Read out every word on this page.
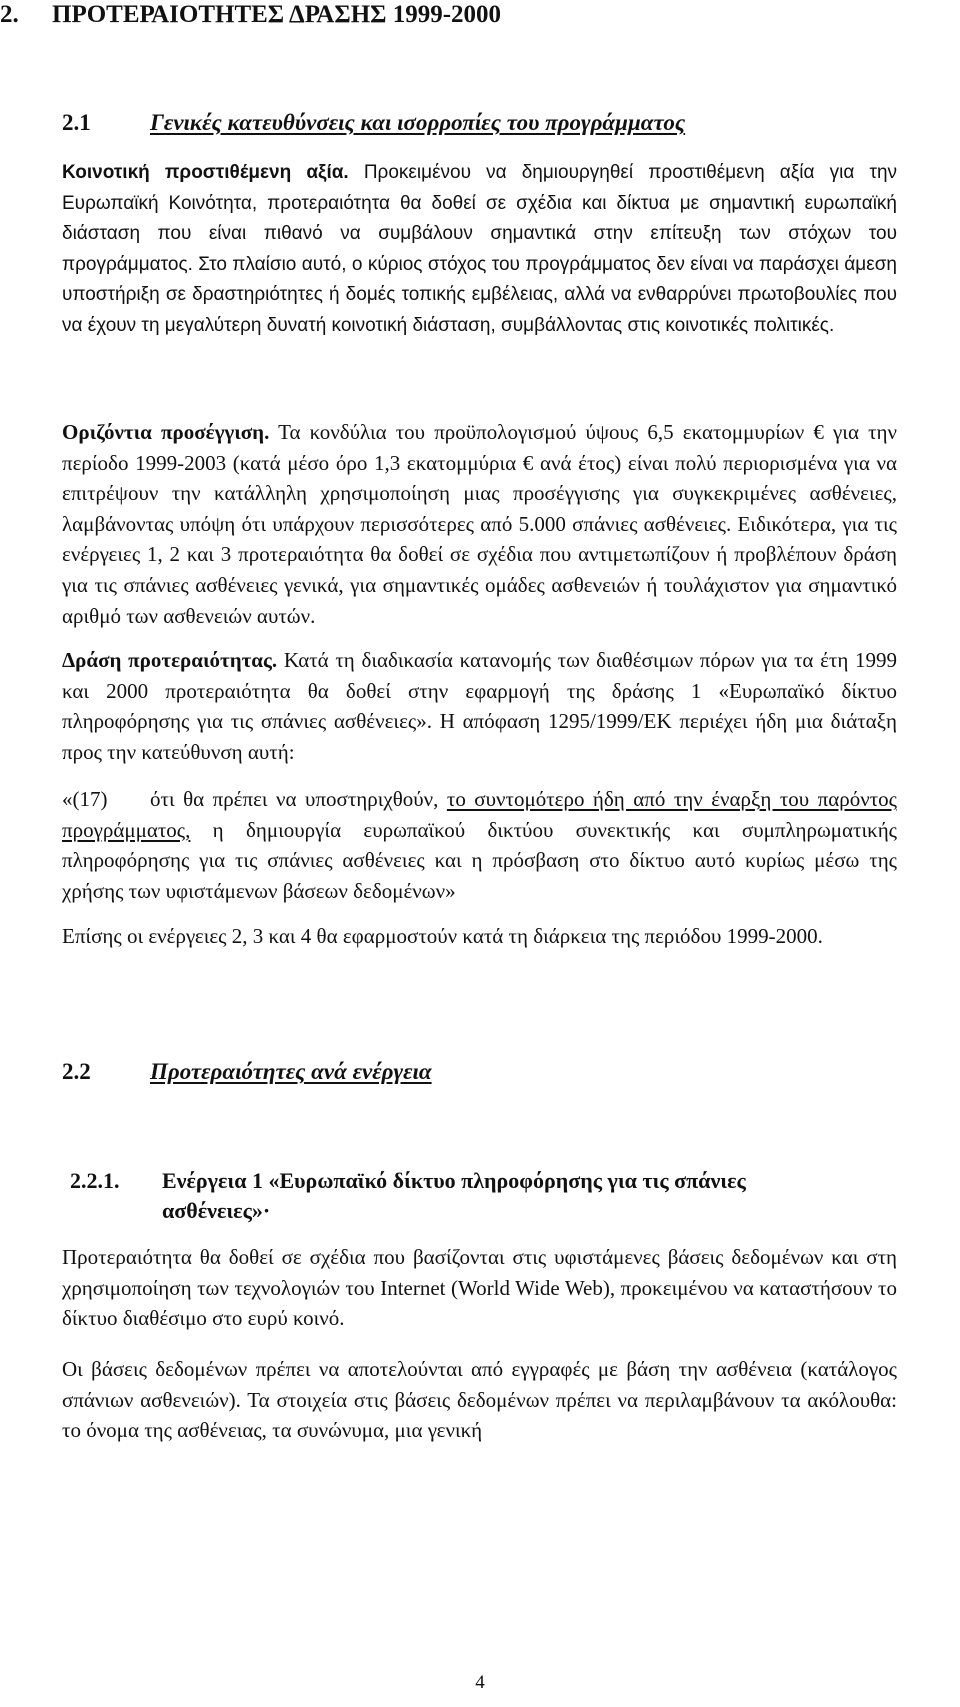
2. ΠΡΟΤΕΡΑΙΟΤΗΤΕΣ ΔΡΑΣΗΣ 1999-2000
2.1	Γενικές κατευθύνσεις και ισορροπίες του προγράμματος
Κοινοτική προστιθέμενη αξία. Προκειμένου να δημιουργηθεί προστιθέμενη αξία για την Ευρωπαϊκή Κοινότητα, προτεραιότητα θα δοθεί σε σχέδια και δίκτυα με σημαντική ευρωπαϊκή διάσταση που είναι πιθανό να συμβάλουν σημαντικά στην επίτευξη των στόχων του προγράμματος. Στο πλαίσιο αυτό, ο κύριος στόχος του προγράμματος δεν είναι να παράσχει άμεση υποστήριξη σε δραστηριότητες ή δομές τοπικής εμβέλειας, αλλά να ενθαρρύνει πρωτοβουλίες που να έχουν τη μεγαλύτερη δυνατή κοινοτική διάσταση, συμβάλλοντας στις κοινοτικές πολιτικές.
Οριζόντια προσέγγιση. Τα κονδύλια του προϋπολογισμού ύψους 6,5 εκατομμυρίων € για την περίοδο 1999-2003 (κατά μέσο όρο 1,3 εκατομμύρια € ανά έτος) είναι πολύ περιορισμένα για να επιτρέψουν την κατάλληλη χρησιμοποίηση μιας προσέγγισης για συγκεκριμένες ασθένειες, λαμβάνοντας υπόψη ότι υπάρχουν περισσότερες από 5.000 σπάνιες ασθένειες. Ειδικότερα, για τις ενέργειες 1, 2 και 3 προτεραιότητα θα δοθεί σε σχέδια που αντιμετωπίζουν ή προβλέπουν δράση για τις σπάνιες ασθένειες γενικά, για σημαντικές ομάδες ασθενειών ή τουλάχιστον για σημαντικό αριθμό των ασθενειών αυτών.
Δράση προτεραιότητας. Κατά τη διαδικασία κατανομής των διαθέσιμων πόρων για τα έτη 1999 και 2000 προτεραιότητα θα δοθεί στην εφαρμογή της δράσης 1 «Ευρωπαϊκό δίκτυο πληροφόρησης για τις σπάνιες ασθένειες». Η απόφαση 1295/1999/ΕΚ περιέχει ήδη μια διάταξη προς την κατεύθυνση αυτή:
«(17) ότι θα πρέπει να υποστηριχθούν, το συντομότερο ήδη από την έναρξη του παρόντος προγράμματος, η δημιουργία ευρωπαϊκού δικτύου συνεκτικής και συμπληρωματικής πληροφόρησης για τις σπάνιες ασθένειες και η πρόσβαση στο δίκτυο αυτό κυρίως μέσω της χρήσης των υφιστάμενων βάσεων δεδομένων»
Επίσης οι ενέργειες 2, 3 και 4 θα εφαρμοστούν κατά τη διάρκεια της περιόδου 1999-2000.
2.2	Προτεραιότητες ανά ενέργεια
2.2.1. Ενέργεια 1 «Ευρωπαϊκό δίκτυο πληροφόρησης για τις σπάνιες
ασθένειες»·
Προτεραιότητα θα δοθεί σε σχέδια που βασίζονται στις υφιστάμενες βάσεις δεδομένων και στη χρησιμοποίηση των τεχνολογιών του Internet (World Wide Web), προκειμένου να καταστήσουν το δίκτυο διαθέσιμο στο ευρύ κοινό.
Οι βάσεις δεδομένων πρέπει να αποτελούνται από εγγραφές με βάση την ασθένεια (κατάλογος σπάνιων ασθενειών). Τα στοιχεία στις βάσεις δεδομένων πρέπει να περιλαμβάνουν τα ακόλουθα: το όνομα της ασθένειας, τα συνώνυμα, μια γενική
4
